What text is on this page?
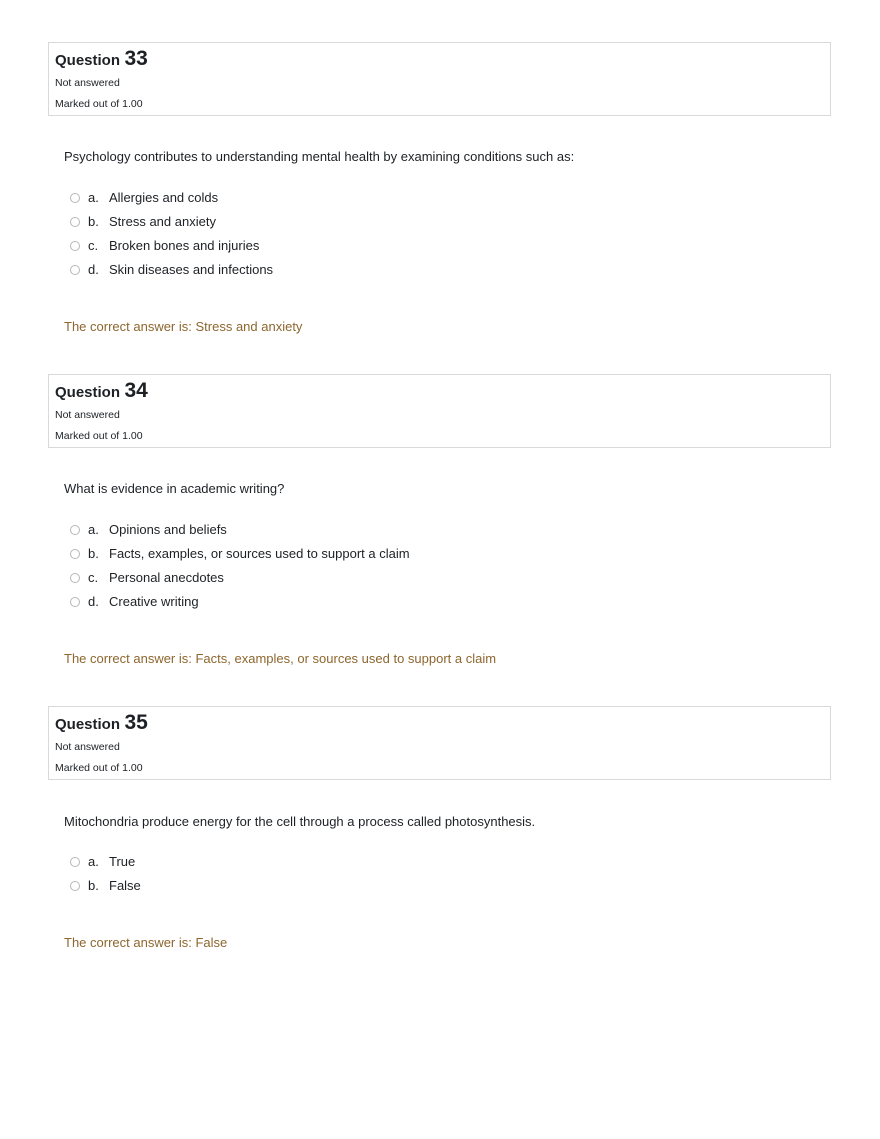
Question 33
Not answered
Marked out of 1.00
Psychology contributes to understanding mental health by examining conditions such as:
a. Allergies and colds
b. Stress and anxiety
c. Broken bones and injuries
d. Skin diseases and infections
The correct answer is: Stress and anxiety
Question 34
Not answered
Marked out of 1.00
What is evidence in academic writing?
a. Opinions and beliefs
b. Facts, examples, or sources used to support a claim
c. Personal anecdotes
d. Creative writing
The correct answer is: Facts, examples, or sources used to support a claim
Question 35
Not answered
Marked out of 1.00
Mitochondria produce energy for the cell through a process called photosynthesis.
a. True
b. False
The correct answer is: False
